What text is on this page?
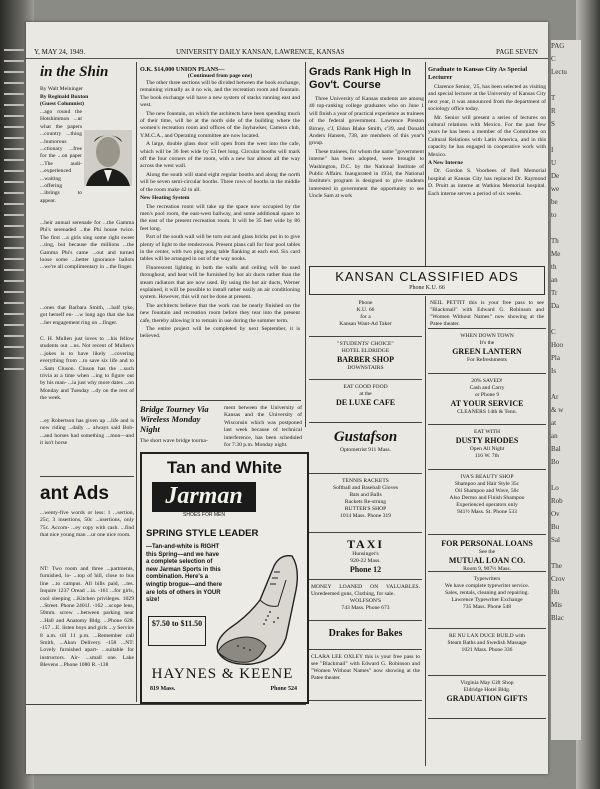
PAG
C
Lectu

T
R
S

I
U
De
we
be
to

Th
Me
th
an
Tr
Da

C
Hoo
Pla
Is

Ar
& w
at
an
Bal
Bo

Lo
Rob
Ov
Bu
Sal

The
Crov
Hu
Mis
Blac
Y, MAY 24, 1949.	UNIVERSITY DAILY KANSAN, LAWRENCE, KANSAS	PAGE SEVEN
in the Shin
By Walt Meininger
By Reginald Buxton
(Guest Columnist)
...ago round the Hotshimmon ...ut what the papers ...country ...thing ...humorous ...ctionary ...free for the ...on paper ...The audi- ...experienced ...waiting ...offering ...ibrings to appear.
...heir annual serenade for ...the Gamma Phi's serenaded ...the Phi house twice. The first ...a girls sing some right sweet ...ting, but because the millions ...the Gamma Phi's came ...out and turned loose some ...better ignorance ballots ...we're all complimentary in ...the finger.
...ones that Barbara Smith, ...half tyke, got herself en- ...w long ago that she has ...her engagement ring on ...finger.
C. H. Mullen just loves to ...his fellow students out ...ns. Not recent of Mullen's ...jokes is to have likely ...covering everything from ...to save six life and to ...Sam Cluson. Cluson has the ...such trivia at a time when ...ing to figure out by his man- ...ia just why more dates ...on Monday and Tuesday ...dy on the rest of the week.
...ey Robertson has given up ...life and is now riding ...daily ... always said Bob- ...and horses had something ...mon—and it isn't horse
ant Ads
...wenty-five words or less: 1 ...sertion, 25c; 3 insertions, 50c ...nsertions, only 75c. Accom- ...ey copy with cash. ...find that nice young man ...ur one nice room.
NT: Two room and three ...partments, furnished, lo- ...top of hill, close to bus line ...to campus. All bills paid, ...tes. Inquire 1237 Oread ...ia. -161 ...for girls, cool sleeping ...Kitchen privileges. 1029 ...Street. Phone 2401J. -162 ...scope lens, 50mm. screw ...between parking near ...Hall and Anatomy Bldg. ...Phone 628. -157 ...E. listen boys and girls ...y Service 8 a.m. till 11 p.m. ...Remember call Smith, ...Akon Delivery. -158 ...NT: Lovely furnished apart- ...suitable for instructors. Air- ...small one. Lake Blevens ...Phone 1080 R. -138
O.K. $14,000 UNION PLANS—
(Continued from page one)

The other three sections will be divided between the book exchange, remaining virtually as it no wis, and the recreation room and fountain. The book exchange will have a new system of stacks running east and west.

The new fountain, on which the architects have been spending much of their time, will be at the north side of the building where the women's recreation room and offices of the Jayhawker, Camera club, Y.M.C.A., and Operating committee are now located.

A large, double glass door will open from the west into the cafe, which will be 36 feet wide by 53 feet long. Circular booths will mark off the four corners of the room, with a new bar almost all the way across the west wall.

Along the south will stand eight regular booths and along the north will be seven semi-circular booths. Three rows of booths in the middle of the room make 42 in all.

New Heating System

The recreation room will take up the space now occupied by the men's pool room, the east-west hallway, and some additional space to the east of the present recreation room. It will be 35 feet wide by 86 feet long.

Part of the south wall will be torn out and glass bricks put in to give plenty of light to the rendezvous. Present plans call for four pool tables in the center, with two ping pong table flanking at each end. Six card tables will be arranged in out of the way nooks.

Fluorescent lighting in both the walls and ceiling will be used throughout, and heat will be furnished by hot air ducts rather than the steam radiators that are now used. By using the hot air ducts, Werner explained, it will be possible to install rather easily an air conditioning system. However, this will not be done at present.

The architects believe that the work can be nearly finished on the new fountain and recreation room before they tear into the present cafe, thereby allowing it to remain in use during the summer term.

The entire project will be completed by next September, it is believed.

Bridge Tourney Via Wireless Monday Night
The short wave bridge tourna-
ment between the University of Kansas and the University of Wisconsin which was postponed last week because of technical interference, has been scheduled for 7:30 p.m. Monday night.
Tan and White
Jarman
SHOES FOR MEN
SPRING STYLE LEADER
—Tan-and-white is RIGHT this Spring—and we have a complete selection of new Jarman Sports in this combination. Here's a wingtip brogue—and there are lots of others in YOUR size!
$7.50 to $11.50
HAYNES & KEENE
819 Mass.	Phone 524
Grads Rank High In Gov't. Course

Three University of Kansas students are among 40 top-ranking college graduates who on June 1 will finish a year of practical experience as trainees of the federal government. Lawrence Preston Birney, c'J, Eldon Blake Smith, c'39, and Donald Anders Hansen, 738, are members of this year's group.

These trainees, for whom the name "government interne" has been adopted, were brought to Washington, D.C. by the National Institute of Public Affairs. Inaugurated in 1934, the National Institute's program is designed to give students interested in government the opportunity to see Uncle Sam at work

Graduate to Kansas City As Special Lecturer

Clarence Senior, '25, has been selected as visiting and special lecturer at the University of Kansas City next year, it was announced from the department of sociology office today.

Mr. Senior will present a series of lectures on cultural relations with Mexico. For the past few years he has been a member of the Committee on Cultural Relations with Latin America, and in this capacity he has engaged in cooperative work with Mexico.

A New Interne

Dr. Gordon S. Voorhees of Bell Memorial hospital at Kansas City has replaced Dr. Raymond D. Pruitt as interne at Watkins Memorial hospital. Each interne serves a period of six weeks.

KANSAN CLASSIFIED ADS
Phone K.U. 66
Phone
K.U. 66
for a
Kansan Want-Ad Taker
"STUDENTS' CHOICE"
HOTEL ELDRIDGE
BARBER SHOP
DOWNSTAIRS
EAT GOOD FOOD
at the
DE LUXE CAFE
Gustafson
Optometrist 911 Mass.
TENNIS RACKETS
Softball and Baseball Gloves
Bats and Balls
Rackets Re-strung
RUTTER'S SHOP
1014 Mass. Phone 319
TAXI
Hunsinger's
920-22 Mass.
Phone 12
MONEY LOANED ON VALUABLES. Unredeemed guns, Clothing, for sale.
WOLFSON'S
743 Mass. Phone 673
Drakes for Bakes
CLARA LEE OXLEY this is your free pass to see "Blackmail" with Edward G. Robinson and "Women Without Names" now showing at the Patee theater.
NEIL PETTIT this is your free pass to see "Blackmail" with Edward G. Robinson and "Women Without Names" now showing at the Patee theater.
WHEN DOWN TOWN
It's the
GREEN LANTERN
For Refreshments
20% SAVED!
Cash and Carry
or Phone 9
AT YOUR SERVICE
CLEANERS 14th & Tenn.
EAT WITH
DUSTY RHODES
Open All Night
116 W. 7th
IVA'S BEAUTY SHOP
Shampoo and Hair Style 35c
Oil Shampoo and Wave, 50c
Also Dermo and Finish Shampoo
Experienced operators only
941½ Mass. St. Phone 533
FOR PERSONAL LOANS
See the
MUTUAL LOAN CO.
Room 9, 907½ Mass.
Typewriters
We have complete typewriter service.
Sales, rentals, cleaning and repairing.
Lawrence Typewriter Exchange
735 Mass. Phone 548
RE NU LAX DUCE BUILD with
Steam Baths and Swedish Massage
1021 Mass. Phone 336
Virginia May Gift Shop
Eldridge Hotel Bldg.
GRADUATION GIFTS
